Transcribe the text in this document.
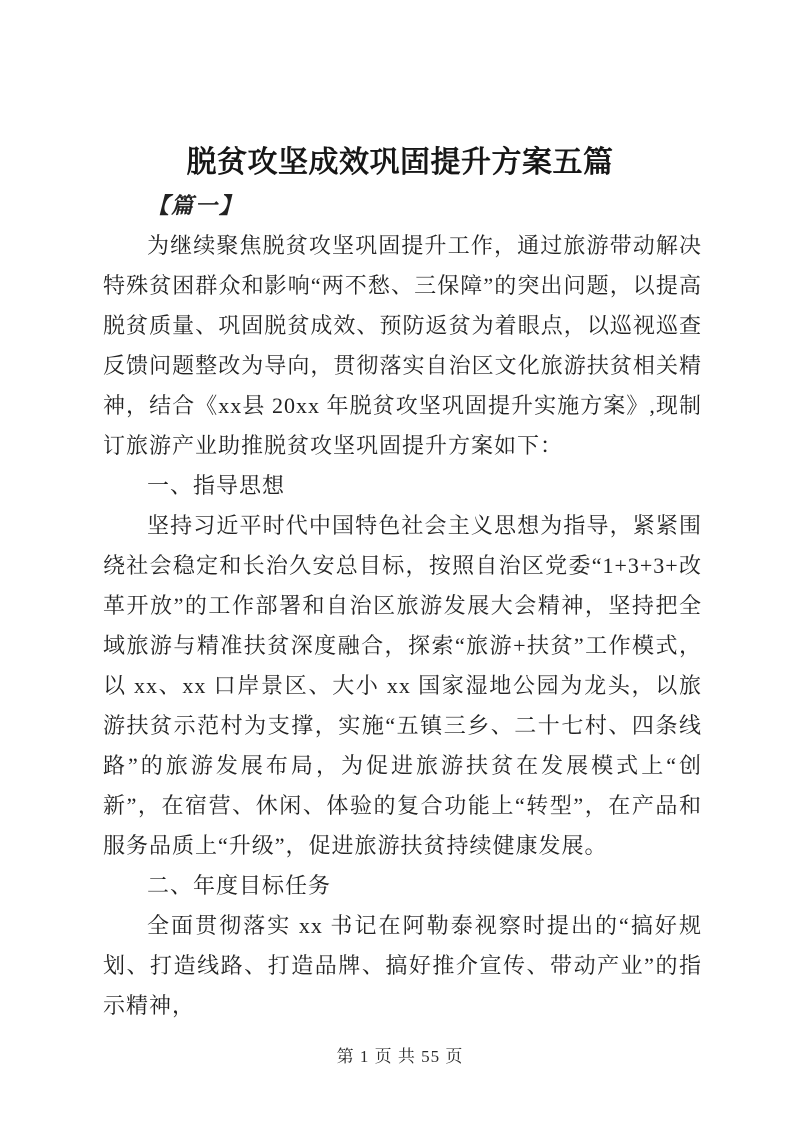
脱贫攻坚成效巩固提升方案五篇

【篇一】

为继续聚焦脱贫攻坚巩固提升工作，通过旅游带动解决特殊贫困群众和影响“两不愁、三保障”的突出问题，以提高脱贫质量、巩固脱贫成效、预防返贫为着眼点，以巡视巡查反馈问题整改为导向，贯彻落实自治区文化旅游扶贫相关精神，结合《xx县 20xx 年脱贫攻坚巩固提升实施方案》,现制订旅游产业助推脱贫攻坚巩固提升方案如下：

一、指导思想

坚持习近平时代中国特色社会主义思想为指导，紧紧围绕社会稳定和长治久安总目标，按照自治区党委“1+3+3+改革开放”的工作部署和自治区旅游发展大会精神，坚持把全域旅游与精准扶贫深度融合，探索“旅游+扶贫”工作模式，以 xx、xx 口岸景区、大小 xx 国家湿地公园为龙头，以旅游扶贫示范村为支撑，实施“五镇三乡、二十七村、四条线路”的旅游发展布局，为促进旅游扶贫在发展模式上“创新”，在宿营、休闲、体验的复合功能上“转型”，在产品和服务品质上“升级”，促进旅游扶贫持续健康发展。

二、年度目标任务

全面贯彻落实 xx 书记在阿勒泰视察时提出的“搞好规划、打造线路、打造品牌、搞好推介宣传、带动产业”的指示精神，

第 1 页 共 55 页
